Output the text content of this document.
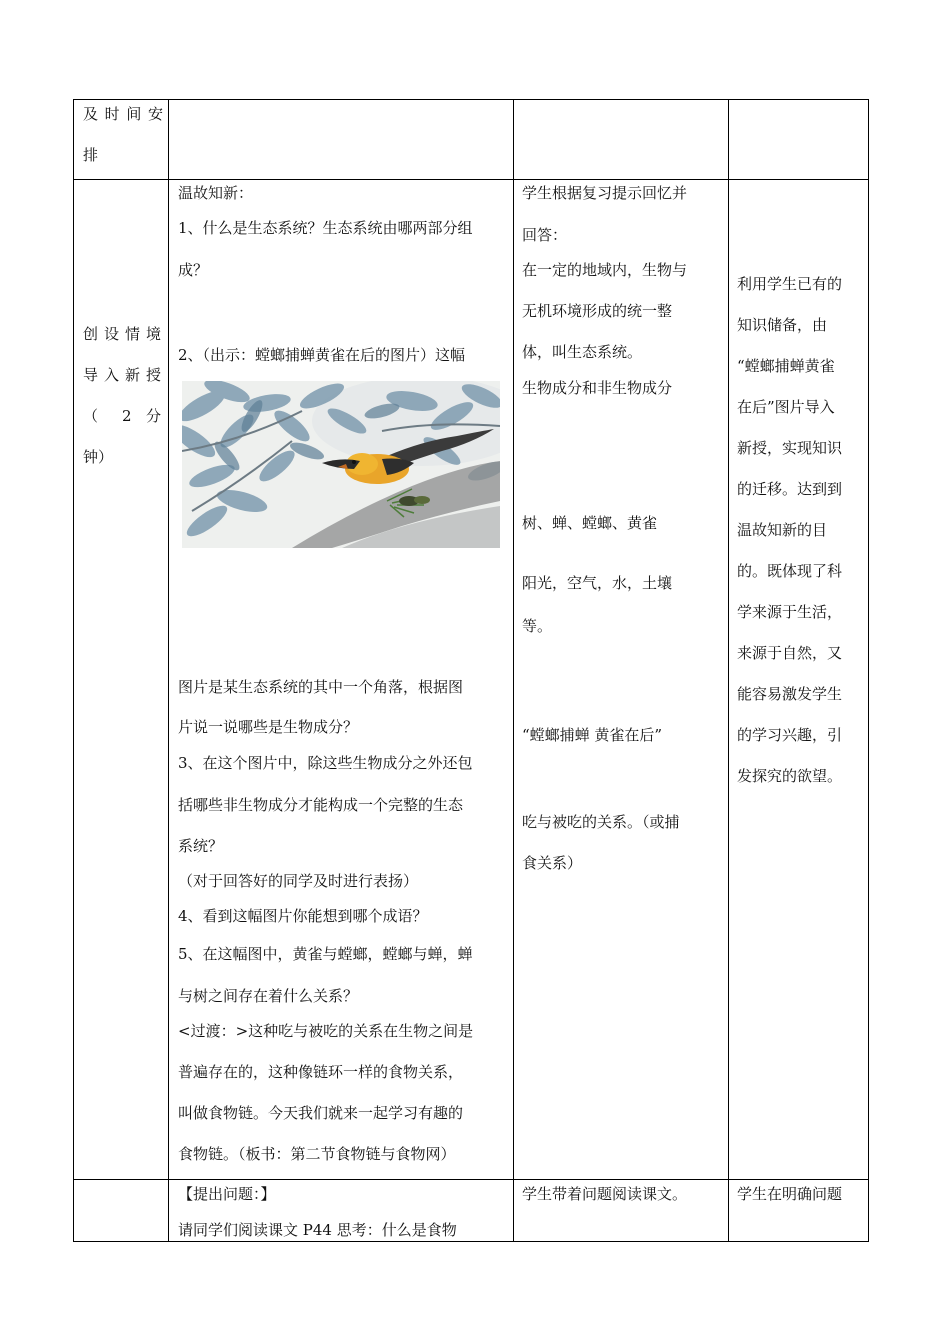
及时间安

排

创设情境

导入新授

（ 2 分

钟）

温故知新：

1、什么是生态系统？生态系统由哪两部分组

成？

2、（出示：螳螂捕蝉黄雀在后的图片）这幅

图片是某生态系统的其中一个角落，根据图

片说一说哪些是生物成分？

3、在这个图片中，除这些生物成分之外还包

括哪些非生物成分才能构成一个完整的生态

系统？

（对于回答好的同学及时进行表扬）

4、看到这幅图片你能想到哪个成语？

5、在这幅图中，黄雀与螳螂，螳螂与蝉，蝉

与树之间存在着什么关系？

<过渡：>这种吃与被吃的关系在生物之间是

普遍存在的，这种像链环一样的食物关系，

叫做食物链。今天我们就来一起学习有趣的

食物链。（板书：第二节食物链与食物网）

学生根据复习提示回忆并

回答：

在一定的地域内，生物与

无机环境形成的统一整

体，叫生态系统。

生物成分和非生物成分

树、蝉、螳螂、黄雀

阳光，空气，水，土壤

等。

“螳螂捕蝉 黄雀在后”

吃与被吃的关系。（或捕

食关系）

利用学生已有的

知识储备，由

“螳螂捕蝉黄雀

在后”图片导入

新授，实现知识

的迁移。达到到

温故知新的目

的。既体现了科

学来源于生活，

来源于自然，又

能容易激发学生

的学习兴趣，引

发探究的欲望。

【提出问题：】

请同学们阅读课文 P44 思考：什么是食物

学生带着问题阅读课文。	学生在明确问题
